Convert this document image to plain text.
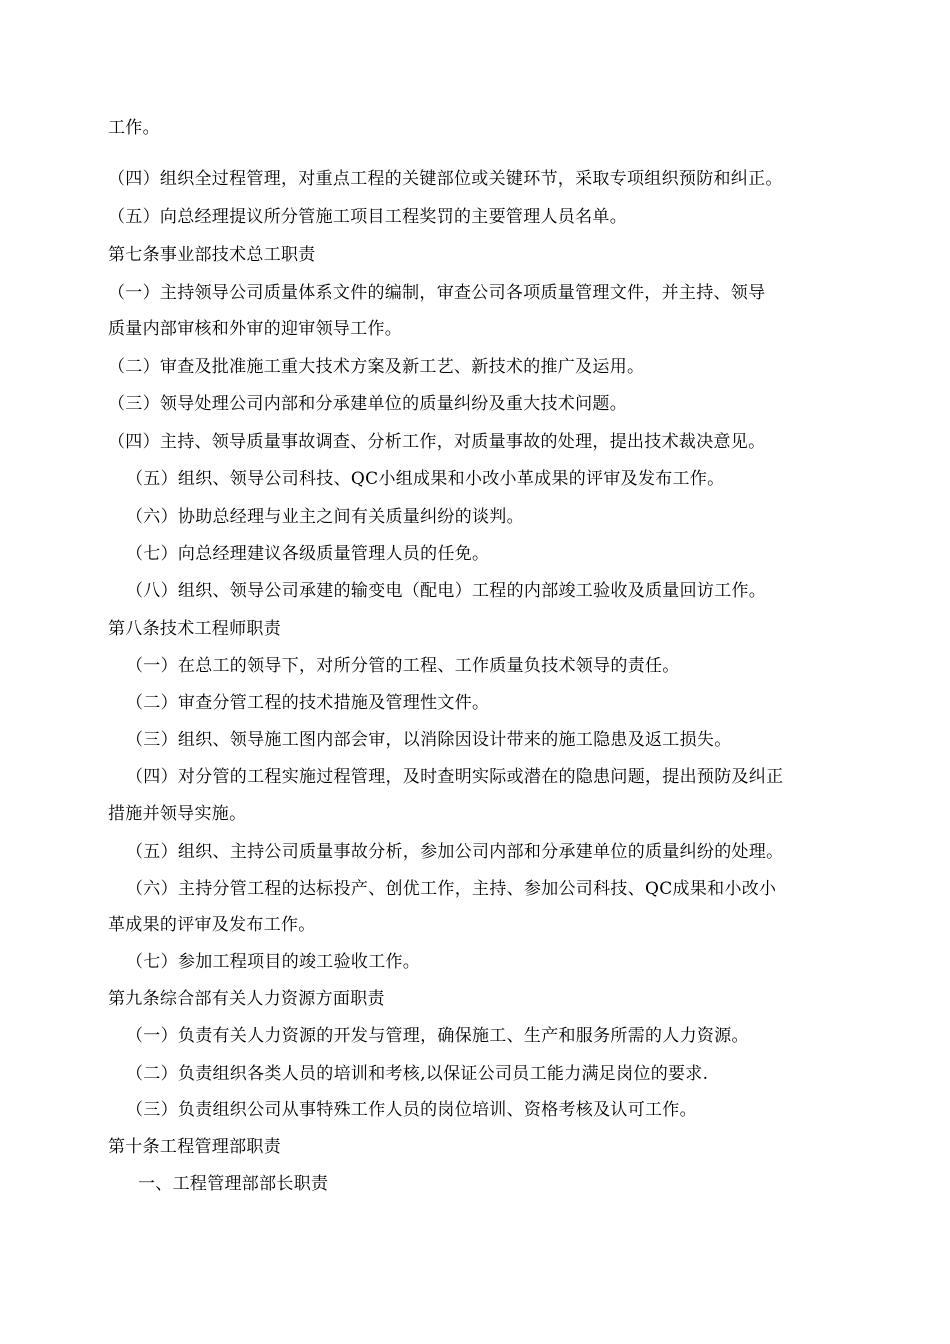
工作。
（四）组织全过程管理，对重点工程的关键部位或关键环节，采取专项组织预防和纠正。
（五）向总经理提议所分管施工项目工程奖罚的主要管理人员名单。
第七条事业部技术总工职责
（一）主持领导公司质量体系文件的编制，审查公司各项质量管理文件，并主持、领导
质量内部审核和外审的迎审领导工作。
（二）审查及批准施工重大技术方案及新工艺、新技术的推广及运用。
（三）领导处理公司内部和分承建单位的质量纠纷及重大技术问题。
（四）主持、领导质量事故调查、分析工作，对质量事故的处理，提出技术裁决意见。
（五）组织、领导公司科技、QC小组成果和小改小革成果的评审及发布工作。
（六）协助总经理与业主之间有关质量纠纷的谈判。
（七）向总经理建议各级质量管理人员的任免。
（八）组织、领导公司承建的输变电（配电）工程的内部竣工验收及质量回访工作。
第八条技术工程师职责
（一）在总工的领导下，对所分管的工程、工作质量负技术领导的责任。
（二）审查分管工程的技术措施及管理性文件。
（三）组织、领导施工图内部会审，以消除因设计带来的施工隐患及返工损失。
（四）对分管的工程实施过程管理，及时查明实际或潜在的隐患问题，提出预防及纠正
措施并领导实施。
（五）组织、主持公司质量事故分析，参加公司内部和分承建单位的质量纠纷的处理。
（六）主持分管工程的达标投产、创优工作，主持、参加公司科技、QC成果和小改小
革成果的评审及发布工作。
（七）参加工程项目的竣工验收工作。
第九条综合部有关人力资源方面职责
（一）负责有关人力资源的开发与管理，确保施工、生产和服务所需的人力资源。
（二）负责组织各类人员的培训和考核,以保证公司员工能力满足岗位的要求.
（三）负责组织公司从事特殊工作人员的岗位培训、资格考核及认可工作。
第十条工程管理部职责
一、工程管理部部长职责
